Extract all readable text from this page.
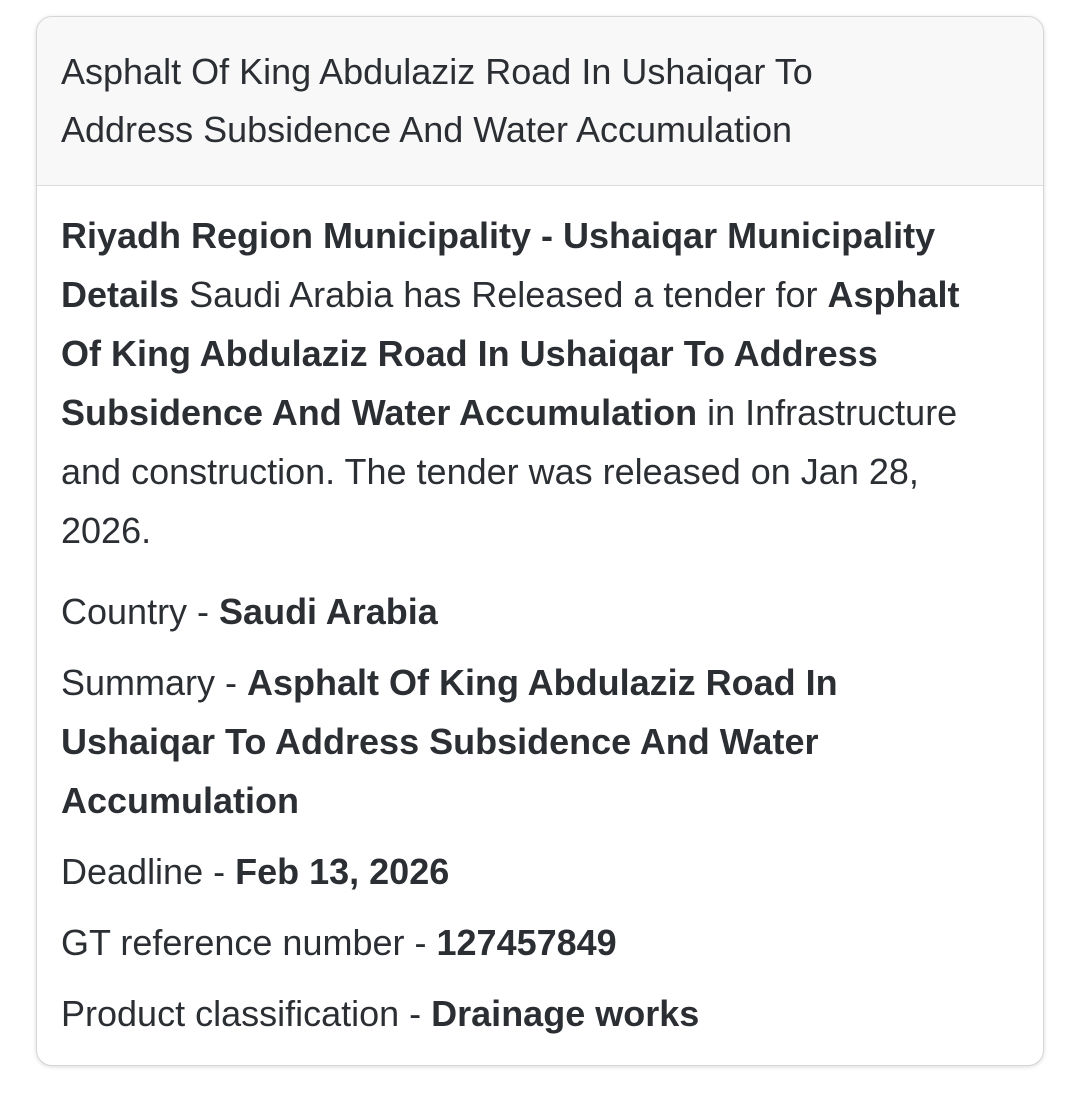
Asphalt Of King Abdulaziz Road In Ushaiqar To Address Subsidence And Water Accumulation

Riyadh Region Municipality - Ushaiqar Municipality Details Saudi Arabia has Released a tender for Asphalt Of King Abdulaziz Road In Ushaiqar To Address Subsidence And Water Accumulation in Infrastructure and construction. The tender was released on Jan 28, 2026.

Country - Saudi Arabia

Summary - Asphalt Of King Abdulaziz Road In Ushaiqar To Address Subsidence And Water Accumulation

Deadline - Feb 13, 2026

GT reference number - 127457849

Product classification - Drainage works
